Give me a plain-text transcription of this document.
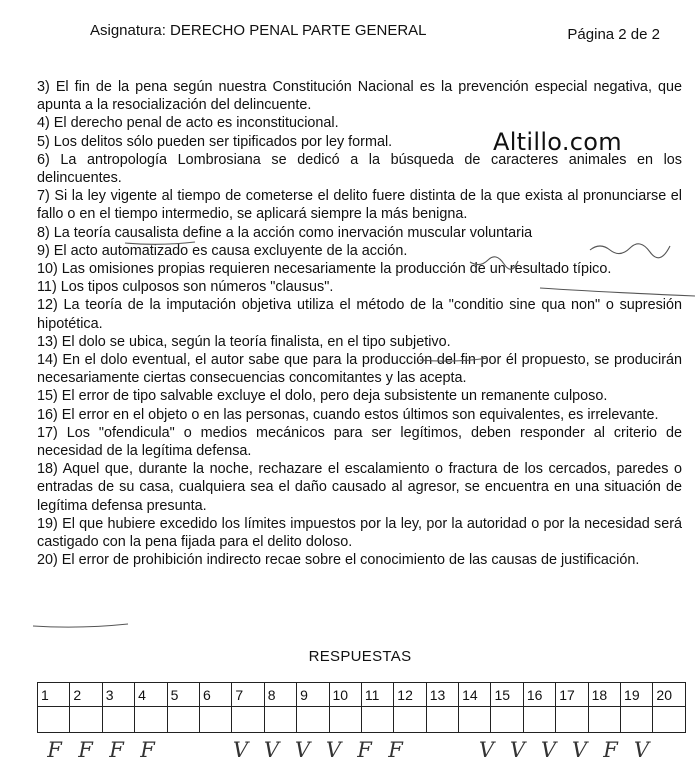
Asignatura: DERECHO PENAL PARTE GENERAL	Página 2 de 2
Altillo.com

3) El fin de la pena según nuestra Constitución Nacional es la prevención especial negativa, que apunta a la resocialización del delincuente.

4) El derecho penal de acto es inconstitucional.

5) Los delitos sólo pueden ser tipificados por ley formal.

6) La antropología Lombrosiana se dedicó a la búsqueda de caracteres animales en los delincuentes.

7) Si la ley vigente al tiempo de cometerse el delito fuere distinta de la que exista al pronunciarse el fallo o en el tiempo intermedio, se aplicará siempre la más benigna.

8) La teoría causalista define a la acción como inervación muscular voluntaria

9) El acto automatizado es causa excluyente de la acción.

10) Las omisiones propias requieren necesariamente la producción de un resultado típico.

11) Los tipos culposos son números "clausus".

12) La teoría de la imputación objetiva utiliza el método de la "conditio sine qua non" o supresión hipotética.

13) El dolo se ubica, según la teoría finalista, en el tipo subjetivo.

14) En el dolo eventual, el autor sabe que para la producción del fin por él propuesto, se producirán necesariamente ciertas consecuencias concomitantes y las acepta.

15) El error de tipo salvable excluye el dolo, pero deja subsistente un remanente culposo.

16) El error en el objeto o en las personas, cuando estos últimos son equivalentes, es irrelevante.

17) Los "ofendicula" o medios mecánicos para ser legítimos, deben responder al criterio de necesidad de la legítima defensa.

18) Aquel que, durante la noche, rechazare el escalamiento o fractura de los cercados, paredes o entradas de su casa, cualquiera sea el daño causado al agresor, se encuentra en una situación de legítima defensa presunta.

19) El que hubiere excedido los límites impuestos por la ley, por la autoridad o por la necesidad será castigado con la pena fijada para el delito doloso.

20) El error de prohibición indirecto recae sobre el conocimiento de las causas de justificación.

RESPUESTAS
1	2	3	4	5	6	7	8	9	10	11	12	13	14	15	16	17	18	19	20

F F F F	V V V V F F	V V V V F V
